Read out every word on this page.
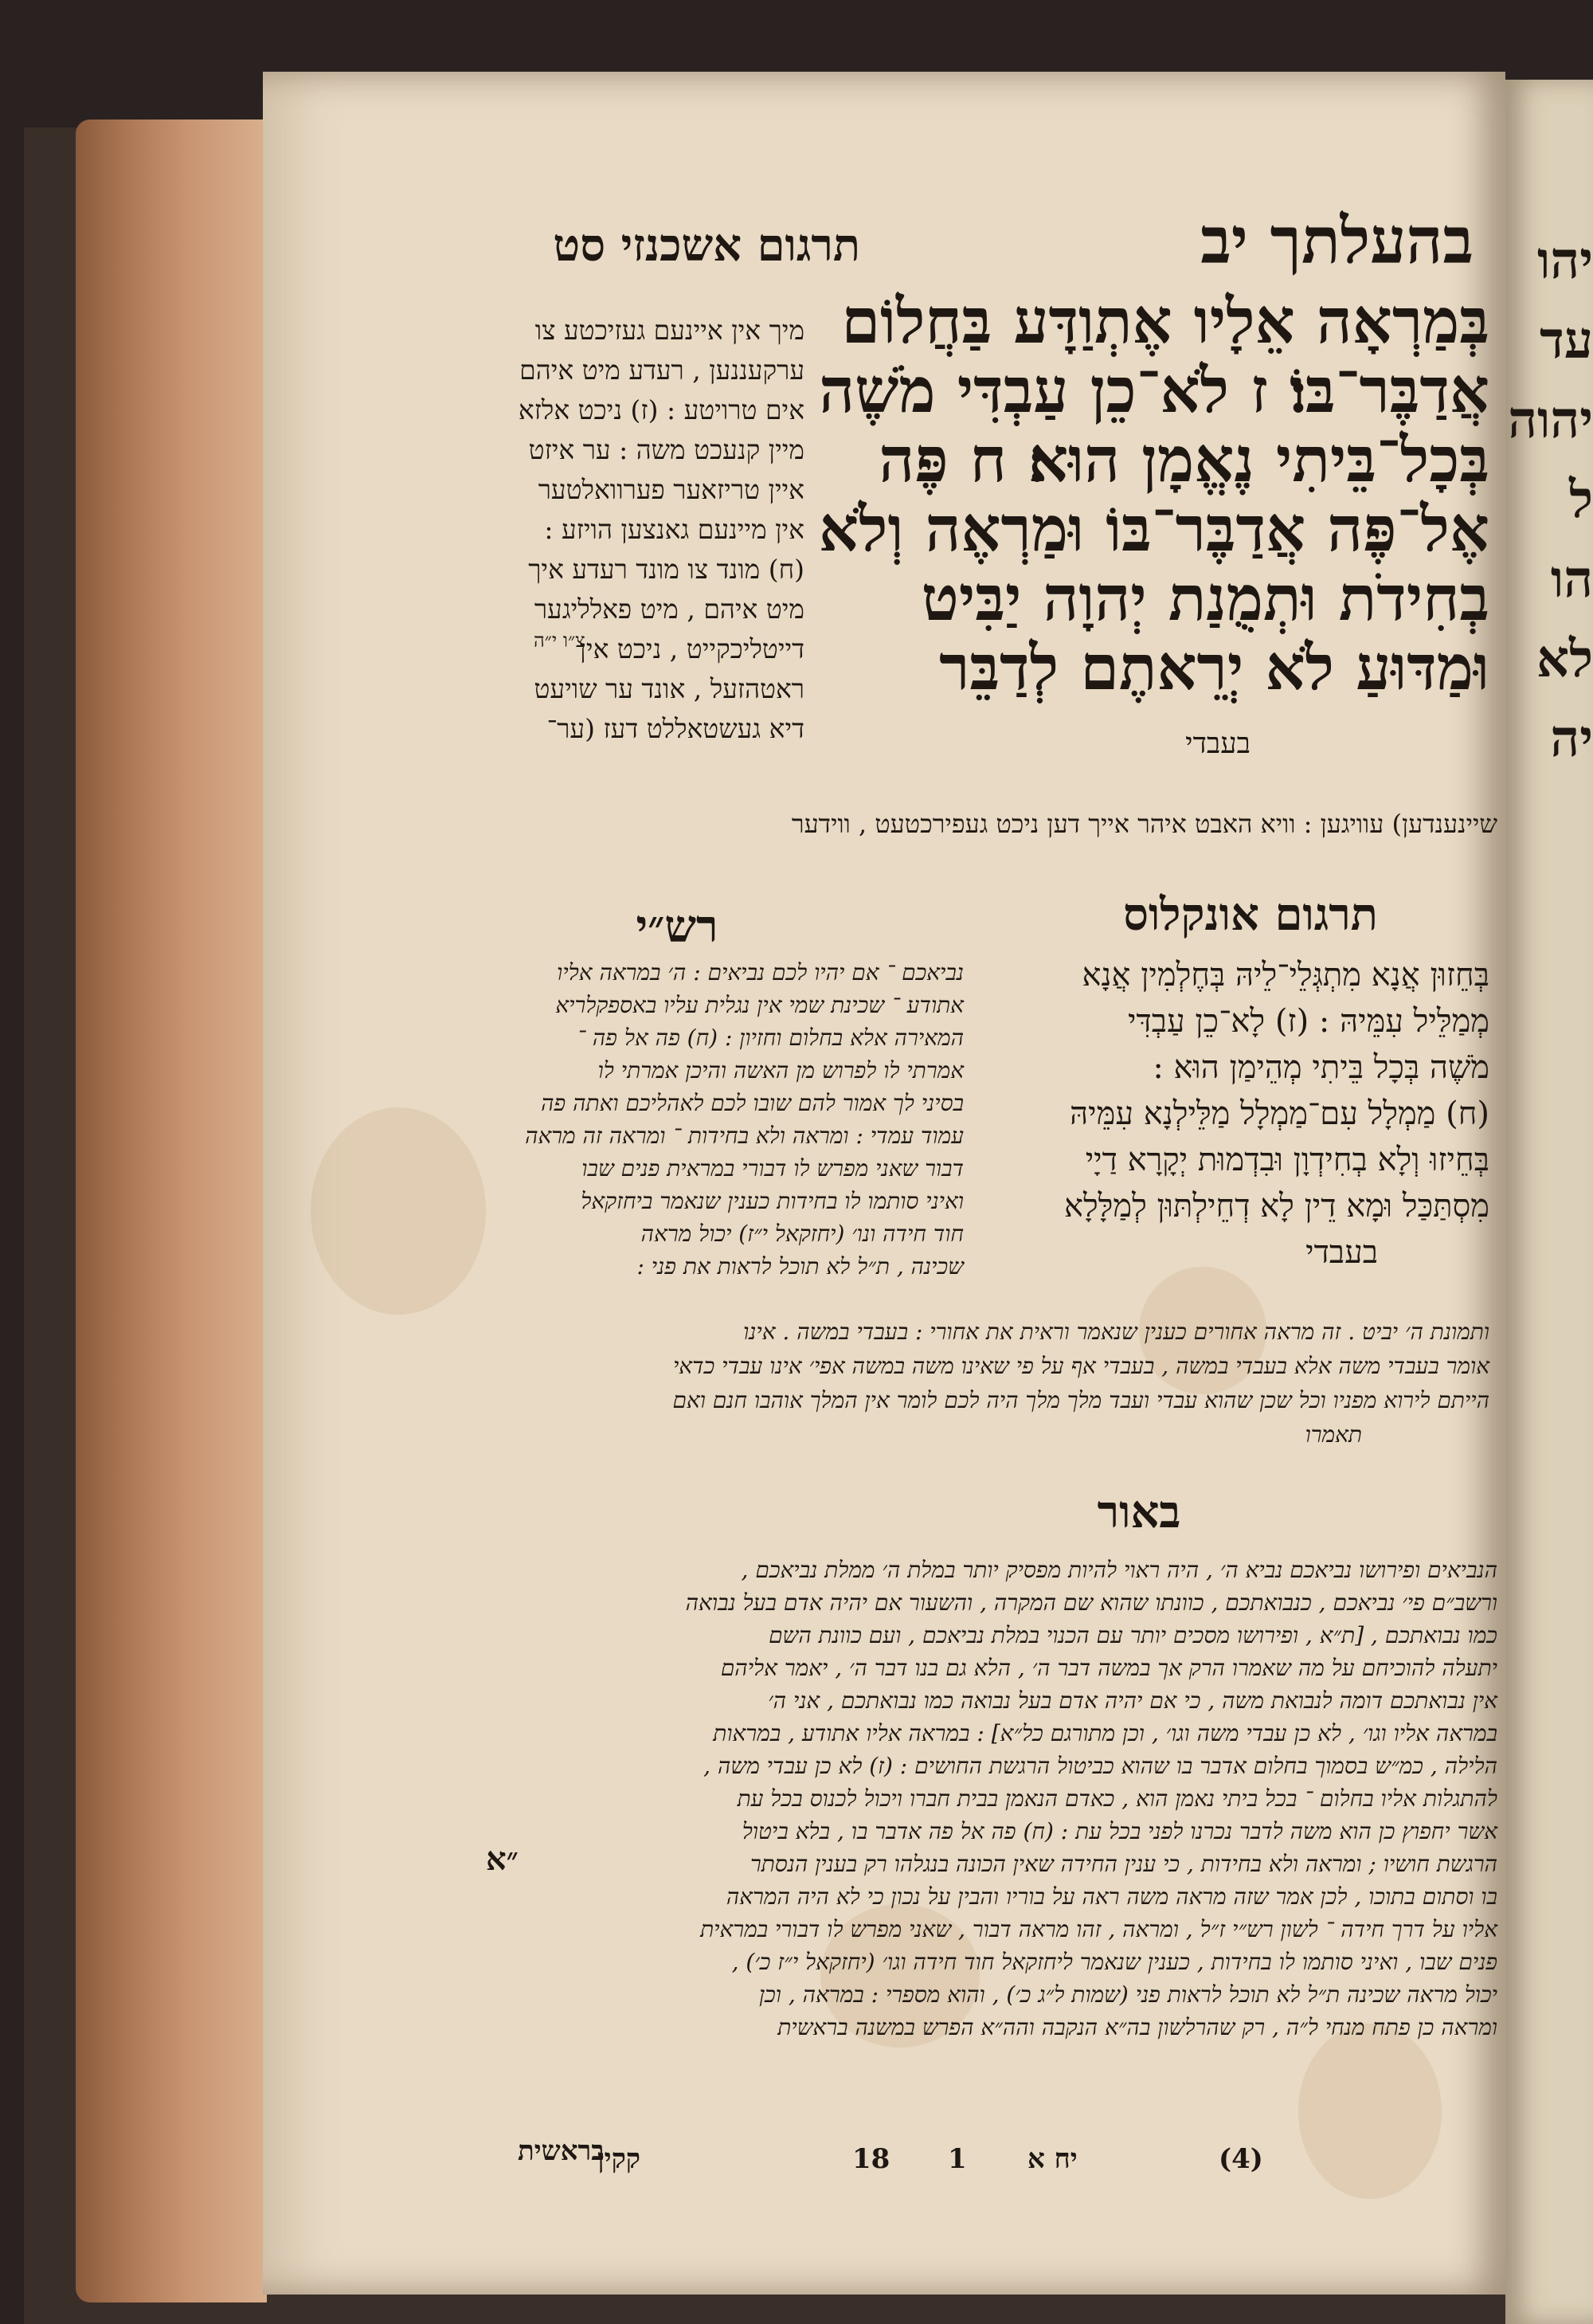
תרגום אשכנזי סט	בהעלתך יב
בְּמַרְאָה אֵלָיו אֶתְוַדָּע בַּחֲלוֹם
אֲדַבֶּר־בּוֹ׃ ז לֹא־כֵן עַבְדִּי מֹשֶׁה
בְּכָל־בֵּיתִי נֶאֱמָן הוּא׃ ח פֶּה
אֶל־פֶּה אֲדַבֶּר־בּוֹ וּמַרְאֶה וְלֹא
בְחִידֹת וּתְמֻנַת יְהוָה יַבִּיט
וּמַדּוּעַ לֹא יְרֵאתֶם לְדַבֵּר
בעבדי
מיך אין איינעם געזיכטע צו
ערקעננען , רעדע מיט איהם
אים טרויטע : (ז) ניכט אלזא
מיין קנעכט משה : ער איזט
איין טריזאער פערוואלטער
אין מיינעם גאנצען הויזע :
(ח) מונד צו מונד רעדע איך
מיט איהם , מיט פאלליגער
דייטליכקייט , ניכט אין
ראטהזעל , אונד ער שויעט
דיא געשטאללט דעז (ער־
שיינענדען) עוויגען : וויא האבט איהר אייך דען ניכט געפירכטעט , ווידער
תרגום אונקלוס
רש״י
בְּחֵזוּן אֲנָא מִתְגְּלֵי־לֵיהּ בְּחֶלְמִין אֲנָא
מְמַלֵּיל עִמֵּיהּ : (ז) לָא־כֵן עַבְדִּי
מֹשֶׁה בְּכָל בֵּיתִי מְהֵימַן הוּא :
(ח) מַמְלָל עִם־מַמְלָל מַלֵּילְנָא עִמֵּיהּ
בְּחֵיזוּ וְלָא בְחִידְוָן וּבִדְמוּת יְקָרָא דַיָי
מִסְתַּכַּל וּמָא דֵין לָא דְחֵילְתּוּן לְמַלָּלָא
בעבדי
נביאכם ־ אם יהיו לכם נביאים : ה׳ במראה אליו
אתודע ־ שכינת שמי אין נגלית עליו באספקלריא
המאירה אלא בחלום וחזיון : (ח) פה אל פה ־
אמרתי לו לפרוש מן האשה והיכן אמרתי לו
בסיני לך אמור להם שובו לכם לאהליכם ואתה פה
עמוד עמדי : ומראה ולא בחידות ־ ומראה זה מראה
דבור שאני מפרש לו דבורי במראית פנים שבו
ואיני סותמו לו בחידות כענין שנאמר ביחזקאל
חוד חידה ונו׳ (יחזקאל י״ז) יכול מראה
שכינה , ת״ל לא תוכל לראות את פני :
ותמונת ה׳ יביט . זה מראה אחורים כענין שנאמר וראית את אחורי : בעבדי במשה . אינו
אומר בעבדי משה אלא בעבדי במשה , בעבדי אף על פי שאינו משה במשה אפי׳ אינו עבדי כדאי
הייתם לירוא מפניו וכל שכן שהוא עבדי ועבד מלך מלך היה לכם לומר אין המלך אוהבו חנם ואם
תאמרו
באור
הנביאים ופירושו נביאכם נביא ה׳ , היה ראוי להיות מפסיק יותר במלת ה׳ ממלת נביאכם ,
ורשב״ם פי׳ נביאכם , כנבואתכם , כוונתו שהוא שם המקרה , והשעור אם יהיה אדם בעל נבואה
כמו נבואתכם , [ת״א , ופירושו מסכים יותר עם הכנוי במלת נביאכם , ועם כוונת השם
יתעלה להוכיחם על מה שאמרו הרק אך במשה דבר ה׳ , הלא גם בנו דבר ה׳ , יאמר אליהם
אין נבואתכם דומה לנבואת משה , כי אם יהיה אדם בעל נבואה כמו נבואתכם , אני ה׳
במראה אליו וגו׳ , לא כן עבדי משה וגו׳ , וכן מתורגם כל״א] : במראה אליו אתודע , במראות
הלילה , כמ״ש בסמוך בחלום אדבר בו שהוא כביטול הרגשת החושים : (ז) לא כן עבדי משה ,
להתגלות אליו בחלום ־ בכל ביתי נאמן הוא , כאדם הנאמן בבית חברו ויכול לכנוס בכל עת
אשר יחפוץ כן הוא משה לדבר נכרנו לפני בכל עת : (ח) פה אל פה אדבר בו , בלא ביטול
הרגשת חושיו ; ומראה ולא בחידות , כי ענין החידה שאין הכונה בנגלהו רק בענין הנסתר
בו וסתום בתוכו , לכן אמר שזה מראה משה ראה על בוריו והבין על נכון כי לא היה המראה
אליו על דרך חידה ־ לשון רש״י ז״ל , ומראה , זהו מראה דבור , שאני מפרש לו דבורי במראית
פנים שבו , ואיני סותמו לו בחידות , כענין שנאמר ליחזקאל חוד חידה וגו׳ (יחזקאל י״ז כ׳) ,
יכול מראה שכינה ת״ל לא תוכל לראות פני (שמות ל״ג כ׳) , והוא מספרי : במראה , וכן
ומראה כן פתח מנחי ל״ה , רק שהרלשון בה״א הנקבה והה״א הפרש במשנה בראשית
בראשית
קקין	18 1 יח א	(4)
צ״ו י״ה
״א
יהו
עד
יהוה
ל
הו
לא
יה
